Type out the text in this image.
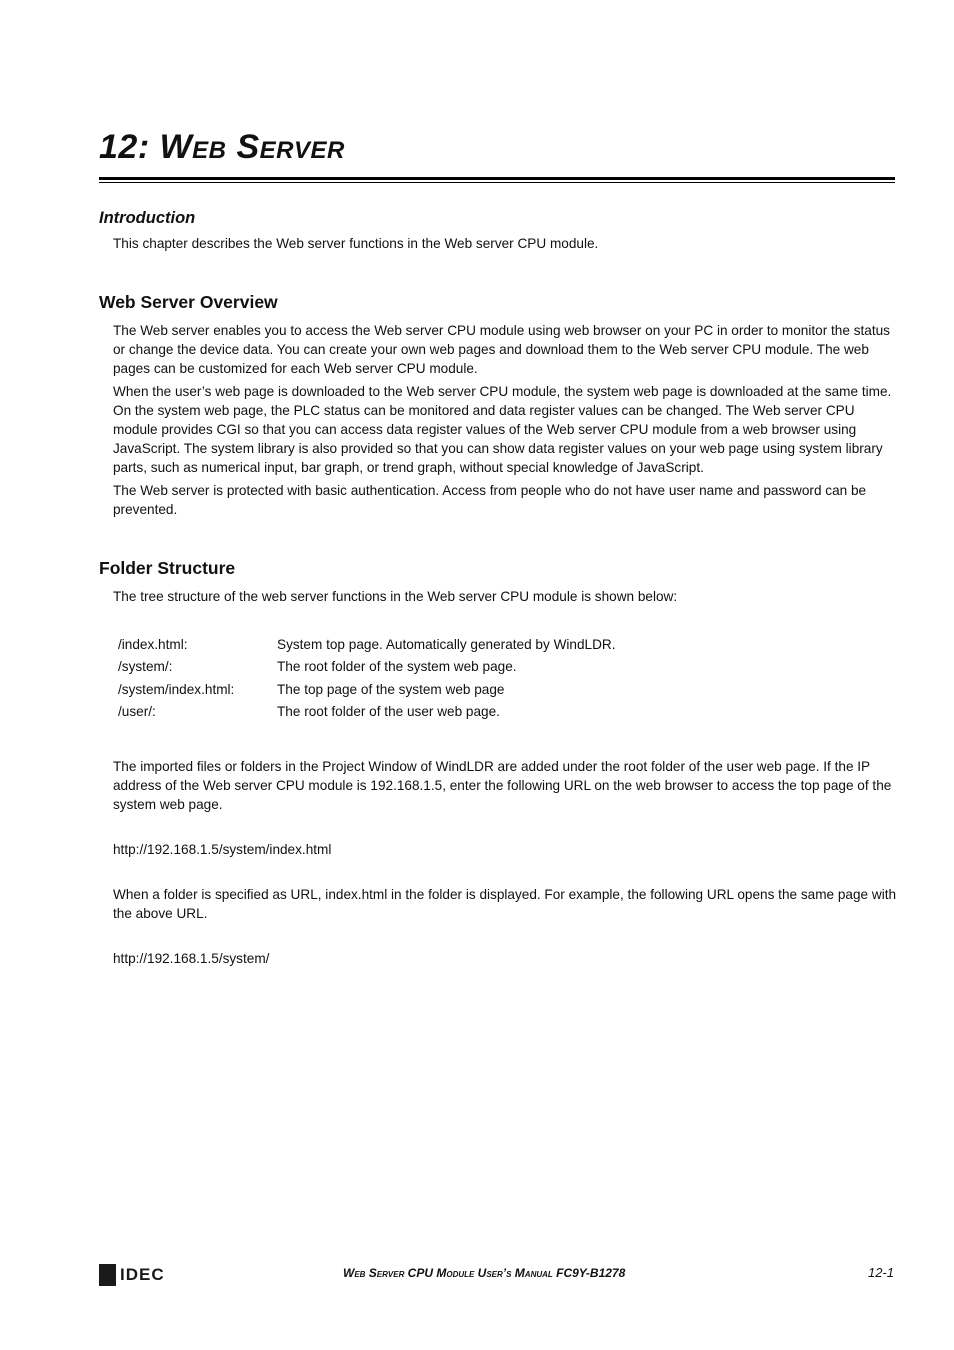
12: Web Server
Introduction

This chapter describes the Web server functions in the Web server CPU module.

Web Server Overview

The Web server enables you to access the Web server CPU module using web browser on your PC in order to monitor the status or change the device data. You can create your own web pages and download them to the Web server CPU module. The web pages can be customized for each Web server CPU module.

When the user’s web page is downloaded to the Web server CPU module, the system web page is downloaded at the same time. On the system web page, the PLC status can be monitored and data register values can be changed. The Web server CPU module provides CGI so that you can access data register values of the Web server CPU module from a web browser using JavaScript. The system library is also provided so that you can show data register values on your web page using system library parts, such as numerical input, bar graph, or trend graph, without special knowledge of JavaScript.

The Web server is protected with basic authentication. Access from people who do not have user name and password can be prevented.

Folder Structure

The tree structure of the web server functions in the Web server CPU module is shown below:

/index.html:	System top page. Automatically generated by WindLDR.
/system/:	The root folder of the system web page.
/system/index.html:	The top page of the system web page
/user/:	The root folder of the user web page.

The imported files or folders in the Project Window of WindLDR are added under the root folder of the user web page. If the IP address of the Web server CPU module is 192.168.1.5, enter the following URL on the web browser to access the top page of the system web page.

http://192.168.1.5/system/index.html

When a folder is specified as URL, index.html in the folder is displayed. For example, the following URL opens the same page with the above URL.

http://192.168.1.5/system/

IDEC	Web Server CPU Module User’s Manual FC9Y-B1278	12-1
